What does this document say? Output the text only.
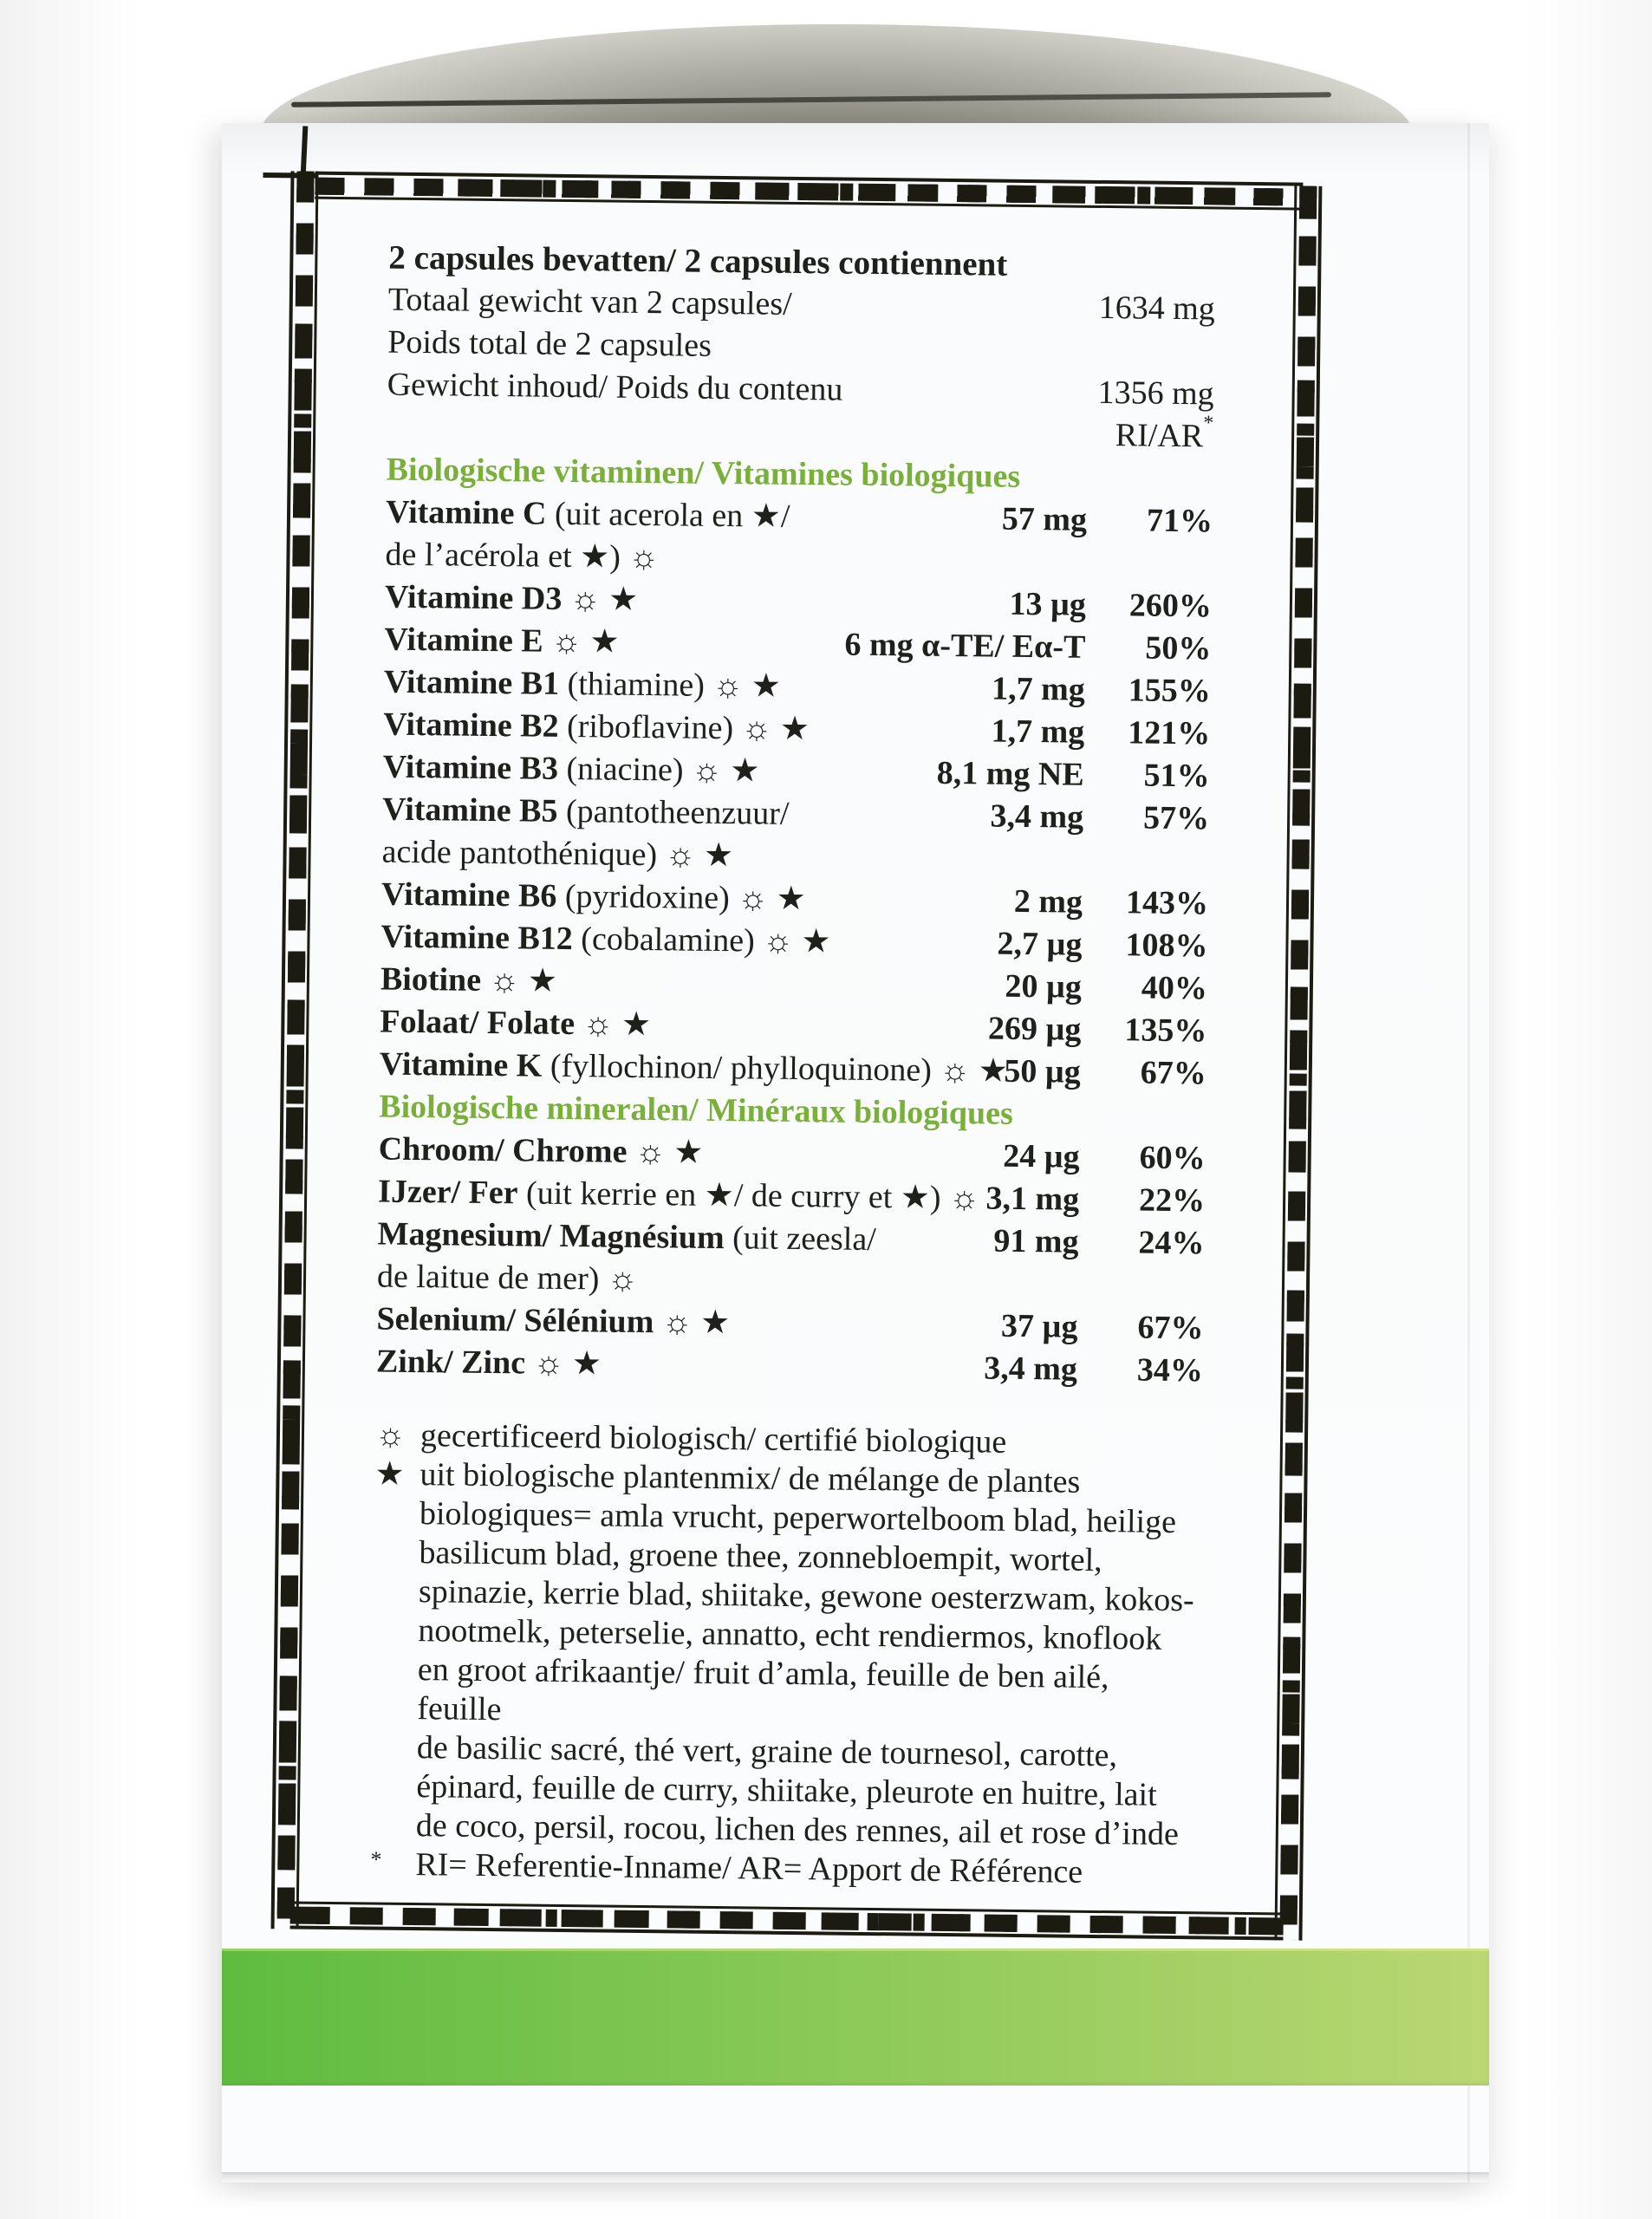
2 capsules bevatten/ 2 capsules contiennent
Totaal gewicht van 2 capsules/	1634 mg
Poids total de 2 capsules
Gewicht inhoud/ Poids du contenu	1356 mg
RI/AR*
Biologische vitaminen/ Vitamines biologiques
57 mg 71%
Vitamine C (uit acerola en ★/
de l’acérola et ★) ☼
13 µg 260%
Vitamine D3 ☼ ★
6 mg α-TE/ Eα-T 50%
Vitamine E ☼ ★
1,7 mg 155%
Vitamine B1 (thiamine) ☼ ★
1,7 mg 121%
Vitamine B2 (riboflavine) ☼ ★
8,1 mg NE 51%
Vitamine B3 (niacine) ☼ ★
3,4 mg 57%
Vitamine B5 (pantotheenzuur/
acide pantothénique) ☼ ★
2 mg 143%
Vitamine B6 (pyridoxine) ☼ ★
2,7 µg 108%
Vitamine B12 (cobalamine) ☼ ★
20 µg 40%
Biotine ☼ ★
269 µg 135%
Folaat/ Folate ☼ ★
50 µg 67%
Vitamine K (fyllochinon/ phylloquinone) ☼ ★
Biologische mineralen/ Minéraux biologiques
24 µg 60%
Chroom/ Chrome ☼ ★
3,1 mg 22%
IJzer/ Fer (uit kerrie en ★/ de curry et ★) ☼
91 mg 24%
Magnesium/ Magnésium (uit zeesla/
de laitue de mer) ☼
37 µg 67%
Selenium/ Sélénium ☼ ★
3,4 mg 34%
Zink/ Zinc ☼ ★
☼ gecertificeerd biologisch/ certifié biologique
★ uit biologische plantenmix/ de mélange de plantes
biologiques= amla vrucht, peperwortelboom blad, heilige
basilicum blad, groene thee, zonnebloempit, wortel,
spinazie, kerrie blad, shiitake, gewone oesterzwam, kokos-
nootmelk, peterselie, annatto, echt rendiermos, knoflook
en groot afrikaantje/ fruit d’amla, feuille de ben ailé, feuille
de basilic sacré, thé vert, graine de tournesol, carotte,
épinard, feuille de curry, shiitake, pleurote en huitre, lait
de coco, persil, rocou, lichen des rennes, ail et rose d’inde
* RI= Referentie-Inname/ AR= Apport de Référence
